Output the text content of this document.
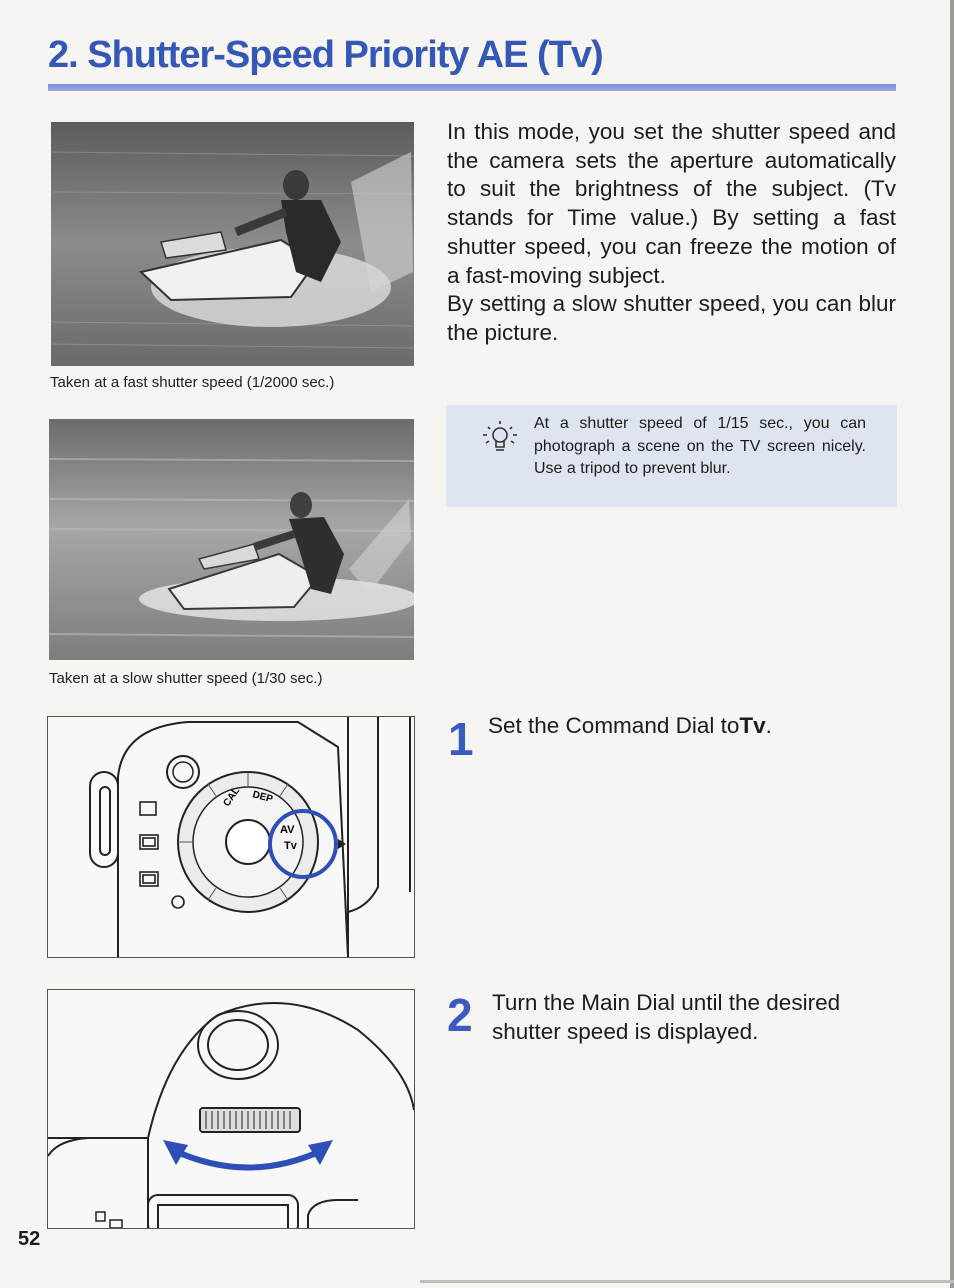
2. Shutter-Speed Priority AE (Tv)

Taken at a fast shutter speed (1/2000 sec.)

Taken at a slow shutter speed (1/30 sec.)

In this mode, you set the shutter speed and the camera sets the aperture automatically to suit the brightness of the subject. (Tv stands for Time value.) By setting a fast shutter speed, you can freeze the motion of a fast-moving subject.

By setting a slow shutter speed, you can blur the picture.

At a shutter speed of 1/15 sec., you can photograph a scene on the TV screen nicely. Use a tripod to prevent blur.

1 Set the Command Dial toTv.

2 Turn the Main Dial until the desired shutter speed is displayed.

CAL DEP
AV
Tv

52
